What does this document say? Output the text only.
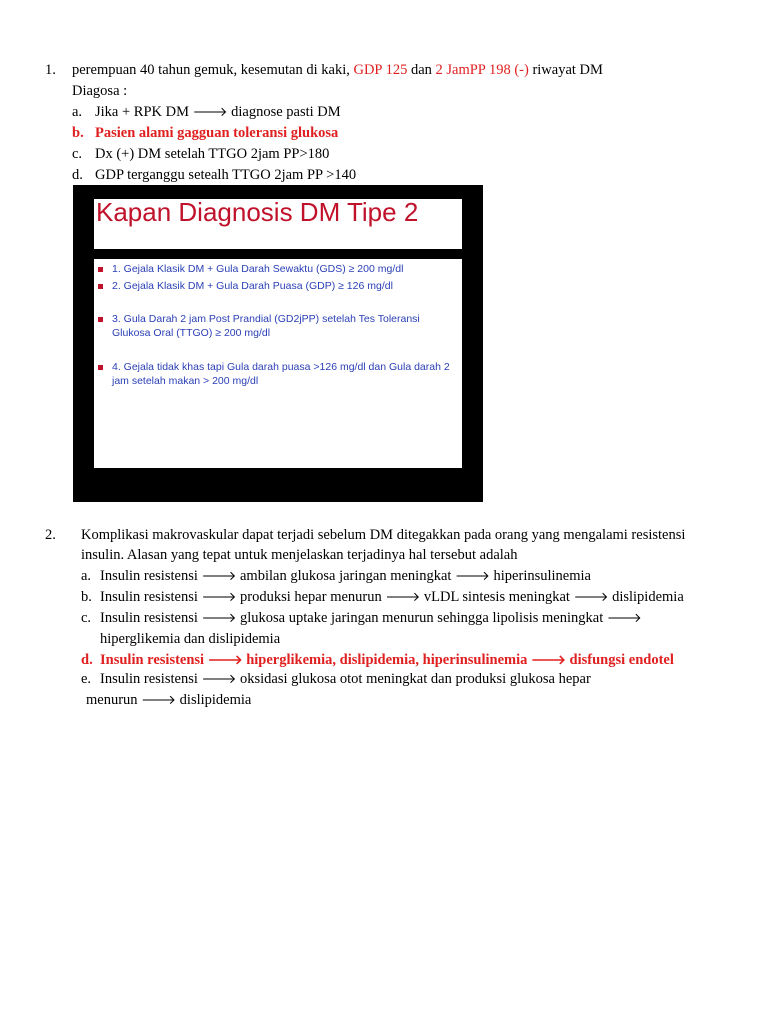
1. perempuan 40 tahun gemuk, kesemutan di kaki, GDP 125 dan 2 JamPP 198 (-) riwayat DM
Diagosa :
a. Jika + RPK DM 🡒 diagnose pasti DM
b. Pasien alami gagguan toleransi glukosa
c. Dx (+) DM setelah TTGO 2jam PP>180
d. GDP terganggu setealh TTGO 2jam PP >140
Kapan Diagnosis DM Tipe 2
1. Gejala Klasik DM + Gula Darah Sewaktu (GDS) ≥ 200 mg/dl
2. Gejala Klasik DM + Gula Darah Puasa (GDP) ≥ 126 mg/dl
3. Gula Darah 2 jam Post Prandial (GD2jPP) setelah Tes Toleransi Glukosa Oral (TTGO) ≥ 200 mg/dl
4. Gejala tidak khas tapi Gula darah puasa >126 mg/dl dan Gula darah 2 jam setelah makan > 200 mg/dl
2. Komplikasi makrovaskular dapat terjadi sebelum DM ditegakkan pada orang yang mengalami resistensi
insulin. Alasan yang tepat untuk menjelaskan terjadinya hal tersebut adalah
a. Insulin resistensi 🡒 ambilan glukosa jaringan meningkat 🡒 hiperinsulinemia
b. Insulin resistensi 🡒 produksi hepar menurun 🡒 vLDL sintesis meningkat 🡒 dislipidemia
c. Insulin resistensi 🡒 glukosa uptake jaringan menurun sehingga lipolisis meningkat 🡒
hiperglikemia dan dislipidemia
d. Insulin resistensi 🡒 hiperglikemia, dislipidemia, hiperinsulinemia 🡒 disfungsi endotel
e. Insulin resistensi 🡒 oksidasi glukosa otot meningkat dan produksi glukosa hepar
menurun 🡒 dislipidemia
